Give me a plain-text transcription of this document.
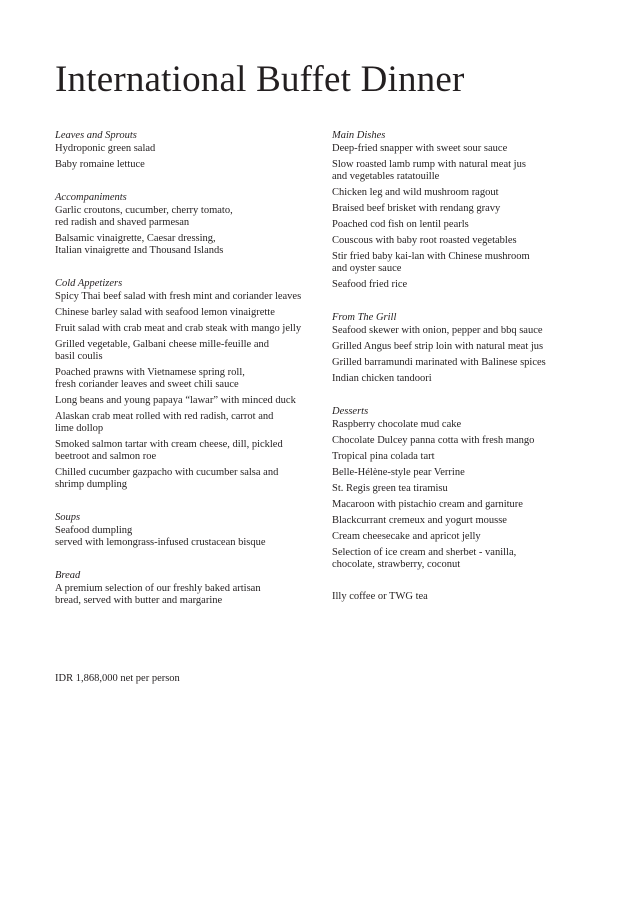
International Buffet Dinner
Leaves and Sprouts
Hydroponic green salad
Baby romaine lettuce
Accompaniments
Garlic croutons, cucumber, cherry tomato,
red radish and shaved parmesan
Balsamic vinaigrette, Caesar dressing,
Italian vinaigrette and Thousand Islands
Cold Appetizers
Spicy Thai beef salad with fresh mint and coriander leaves
Chinese barley salad with seafood lemon vinaigrette
Fruit salad with crab meat and crab steak with mango jelly
Grilled vegetable, Galbani cheese mille-feuille and
basil coulis
Poached prawns with Vietnamese spring roll,
fresh coriander leaves and sweet chili sauce
Long beans and young papaya “lawar” with minced duck
Alaskan crab meat rolled with red radish, carrot and
lime dollop
Smoked salmon tartar with cream cheese, dill, pickled
beetroot and salmon roe
Chilled cucumber gazpacho with cucumber salsa and
shrimp dumpling
Soups
Seafood dumpling
served with lemongrass-infused crustacean bisque
Bread
A premium selection of our freshly baked artisan
bread, served with butter and margarine
Main Dishes
Deep-fried snapper with sweet sour sauce
Slow roasted lamb rump with natural meat jus
and vegetables ratatouille
Chicken leg and wild mushroom ragout
Braised beef brisket with rendang gravy
Poached cod fish on lentil pearls
Couscous with baby root roasted vegetables
Stir fried baby kai-lan with Chinese mushroom
and oyster sauce
Seafood fried rice
From The Grill
Seafood skewer with onion, pepper and bbq sauce
Grilled Angus beef strip loin with natural meat jus
Grilled barramundi marinated with Balinese spices
Indian chicken tandoori
Desserts
Raspberry chocolate mud cake
Chocolate Dulcey panna cotta with fresh mango
Tropical pina colada tart
Belle-Hélène-style pear Verrine
St. Regis green tea tiramisu
Macaroon with pistachio cream and garniture
Blackcurrant cremeux and yogurt mousse
Cream cheesecake and apricot jelly
Selection of ice cream and sherbet - vanilla,
chocolate, strawberry, coconut
Illy coffee or TWG tea
IDR 1,868,000 net per person
